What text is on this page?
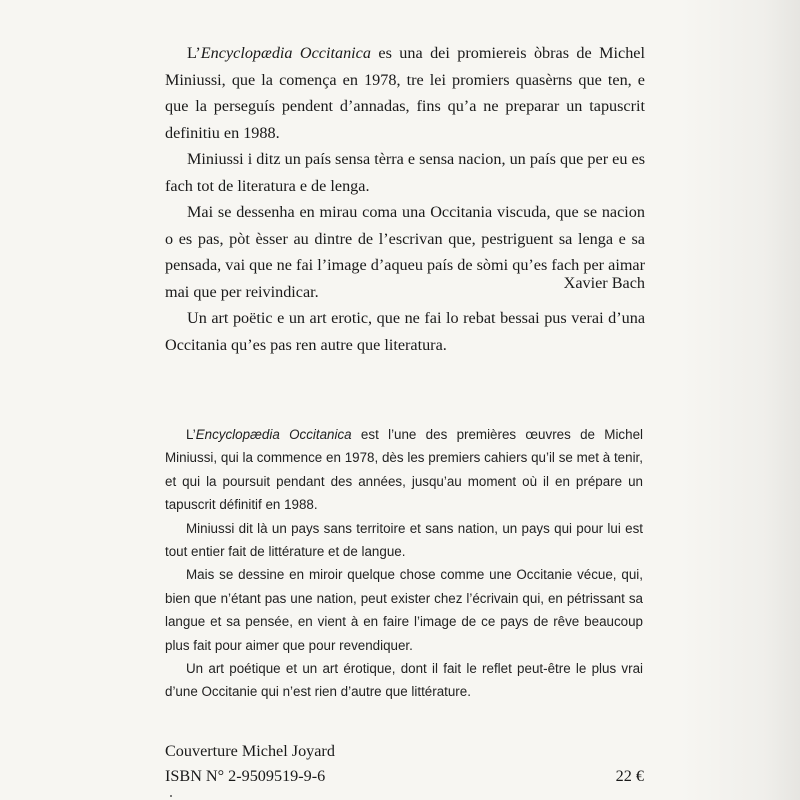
L’Encyclopædia Occitanica es una dei promiereis òbras de Michel Miniussi, que la comença en 1978, tre lei promiers quasèrns que ten, e que la perseguís pendent d’annadas, fins qu’a ne preparar un tapuscrit definitiu en 1988.

Miniussi i ditz un país sensa tèrra e sensa nacion, un país que per eu es fach tot de literatura e de lenga.

Mai se dessenha en mirau coma una Occitania viscuda, que se nacion o es pas, pòt èsser au dintre de l’escrivan que, pestriguent sa lenga e sa pensada, vai que ne fai l’image d’aqueu país de sòmi qu’es fach per aimar mai que per reivindicar.

Un art poëtic e un art erotic, que ne fai lo rebat bessai pus verai d’una Occitania qu’es pas ren autre que literatura.

Xavier Bach

L’Encyclopædia Occitanica est l’une des premières œuvres de Michel Miniussi, qui la commence en 1978, dès les premiers cahiers qu’il se met à tenir, et qui la poursuit pendant des années, jusqu’au moment où il en prépare un tapuscrit définitif en 1988.

Miniussi dit là un pays sans territoire et sans nation, un pays qui pour lui est tout entier fait de littérature et de langue.

Mais se dessine en miroir quelque chose comme une Occitanie vécue, qui, bien que n’étant pas une nation, peut exister chez l’écrivain qui, en pétrissant sa langue et sa pensée, en vient à en faire l’image de ce pays de rêve beaucoup plus fait pour aimer que pour revendiquer.

Un art poétique et un art érotique, dont il fait le reflet peut-être le plus vrai d’une Occitanie qui n’est rien d’autre que littérature.

Couverture Michel Joyard
ISBN N° 2-9509519-9-6	22 €
